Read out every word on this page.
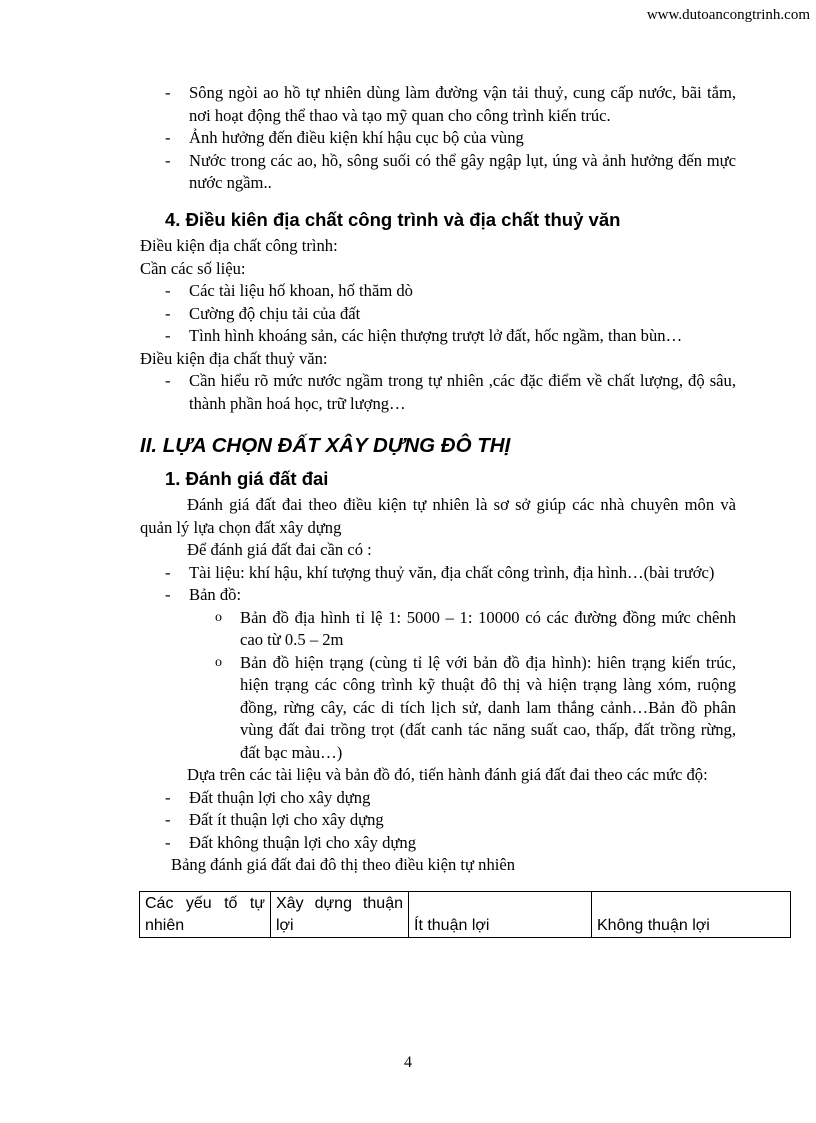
www.dutoancongtrinh.com
- Sông ngòi ao hồ tự nhiên dùng làm đường vận tải thuỷ, cung cấp nước, bãi tắm, nơi hoạt động thể thao và tạo mỹ quan cho công trình kiến trúc.
- Ảnh hưởng đến điều kiện khí hậu cục bộ của vùng
- Nước trong các ao, hồ, sông suối có thể gây ngập lụt, úng và ảnh hưởng đến mực nước ngầm..
4. Điều kiên địa chất công trình và địa chất thuỷ văn
Điều kiện địa chất công trình:
Cần các số liệu:
- Các tài liệu hố khoan, hố thăm dò
- Cường độ chịu tải của đất
- Tình hình khoáng sản, các hiện thượng trượt lở đất, hốc ngầm, than bùn…
Điều kiện địa chất thuỷ văn:
- Cần hiểu rõ mức nước ngầm trong tự nhiên ,các đặc điểm về chất lượng, độ sâu, thành phần hoá học, trữ lượng…
II. LỰA CHỌN ĐẤT XÂY DỰNG ĐÔ THỊ
1. Đánh giá đất đai
Đánh giá đất đai theo điều kiện tự nhiên là sơ sở giúp các nhà chuyên môn và quản lý lựa chọn đất xây dựng
Để đánh giá đất đai cần có :
- Tài liệu: khí hậu, khí tượng thuỷ văn, địa chất công trình, địa hình…(bài trước)
- Bản đồ:
o Bản đồ địa hình tỉ lệ 1: 5000 – 1: 10000 có các đường đồng mức chênh cao từ 0.5 – 2m
o Bản đồ hiện trạng (cùng tỉ lệ với bản đồ địa hình): hiên trạng kiến trúc, hiện trạng các công trình kỹ thuật đô thị và hiện trạng làng xóm, ruộng đồng, rừng cây, các di tích lịch sử, danh lam thắng cảnh…Bản đồ phân vùng đất đai trồng trọt (đất canh tác năng suất cao, thấp, đất trồng rừng, đất bạc màu…)
Dựa trên các tài liệu và bản đồ đó, tiến hành đánh giá đất đai theo các mức độ:
- Đất thuận lợi cho xây dựng
- Đất ít thuận lợi cho xây dựng
- Đất không thuận lợi cho xây dựng
Bảng đánh giá đất đai đô thị theo điều kiện tự nhiên
Các yếu tố tự nhiên	Xây dựng thuận lợi	Ít thuận lợi	Không thuận lợi
4
